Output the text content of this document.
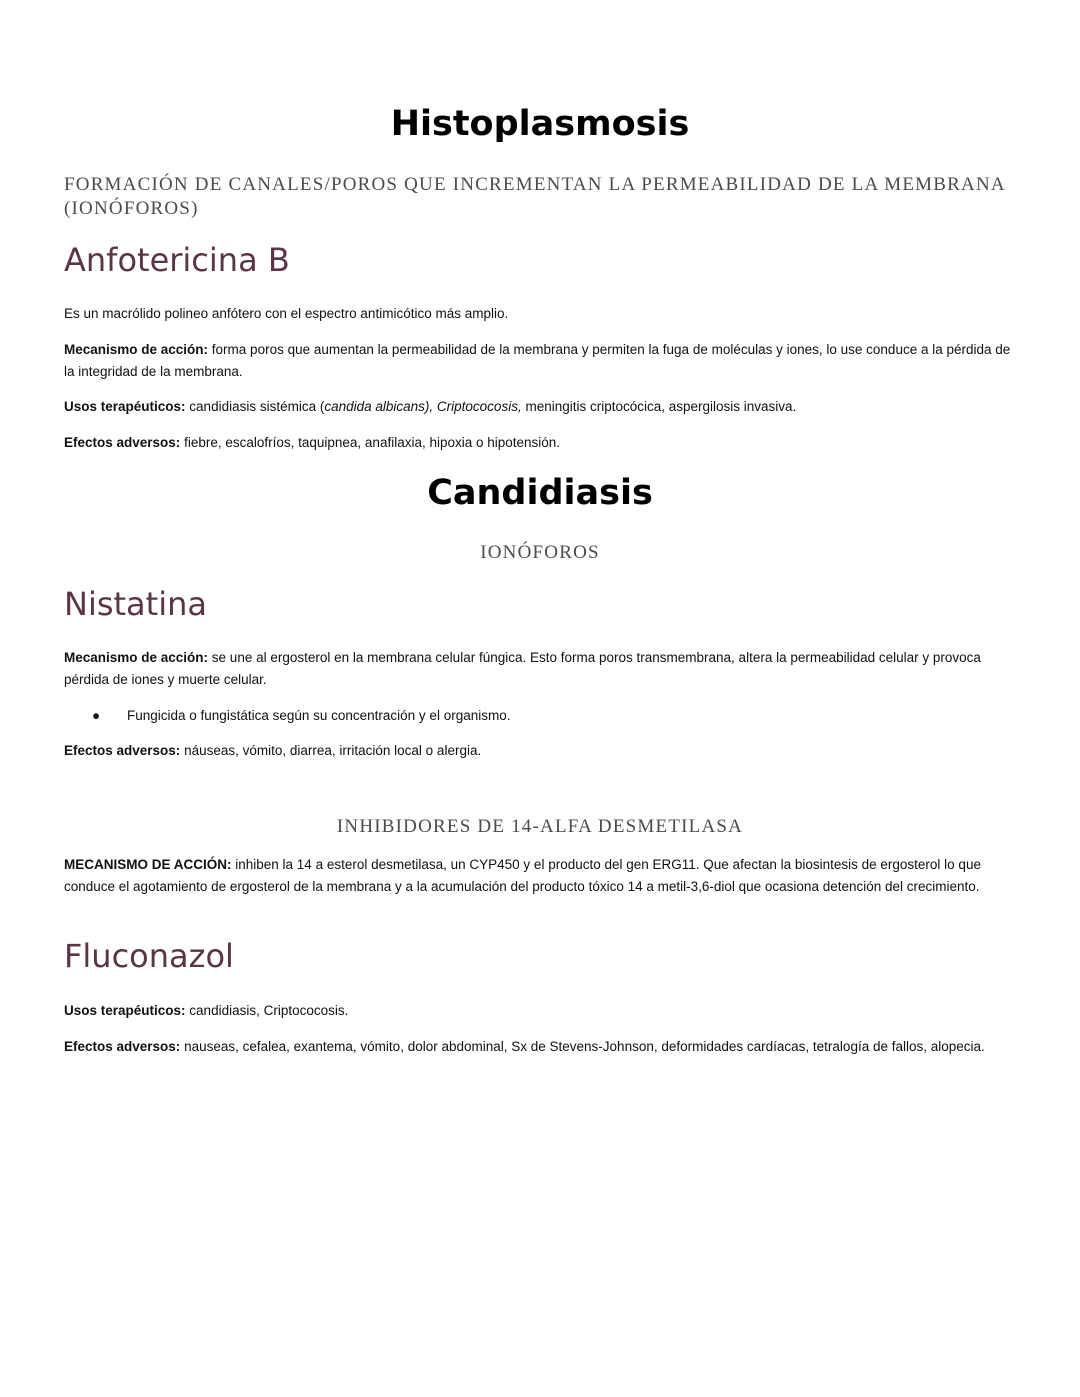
Histoplasmosis
FORMACIÓN DE CANALES/POROS QUE INCREMENTAN LA PERMEABILIDAD DE LA MEMBRANA (IONÓFOROS)
Anfotericina B
Es un macrólido polineo anfótero con el espectro antimicótico más amplio.
Mecanismo de acción: forma poros que aumentan la permeabilidad de la membrana y permiten la fuga de moléculas y iones, lo use conduce a la pérdida de la integridad de la membrana.
Usos terapéuticos: candidiasis sistémica (candida albicans), Criptococosis, meningitis criptocócica, aspergilosis invasiva.
Efectos adversos: fiebre, escalofríos, taquipnea, anafilaxia, hipoxia o hipotensión.
Candidiasis
IONÓFOROS
Nistatina
Mecanismo de acción: se une al ergosterol en la membrana celular fúngica. Esto forma poros transmembrana, altera la permeabilidad celular y provoca pérdida de iones y muerte celular.
● Fungicida o fungistática según su concentración y el organismo.
Efectos adversos: náuseas, vómito, diarrea, irritación local o alergia.
INHIBIDORES DE 14-ALFA DESMETILASA
MECANISMO DE ACCIÓN: inhiben la 14 a esterol desmetilasa, un CYP450 y el producto del gen ERG11. Que afectan la biosintesis de ergosterol lo que conduce el agotamiento de ergosterol de la membrana y a la acumulación del producto tóxico 14 a metil-3,6-diol que ocasiona detención del crecimiento.
Fluconazol
Usos terapéuticos: candidiasis, Criptococosis.
Efectos adversos: nauseas, cefalea, exantema, vómito, dolor abdominal, Sx de Stevens-Johnson, deformidades cardíacas, tetralogía de fallos, alopecia.
